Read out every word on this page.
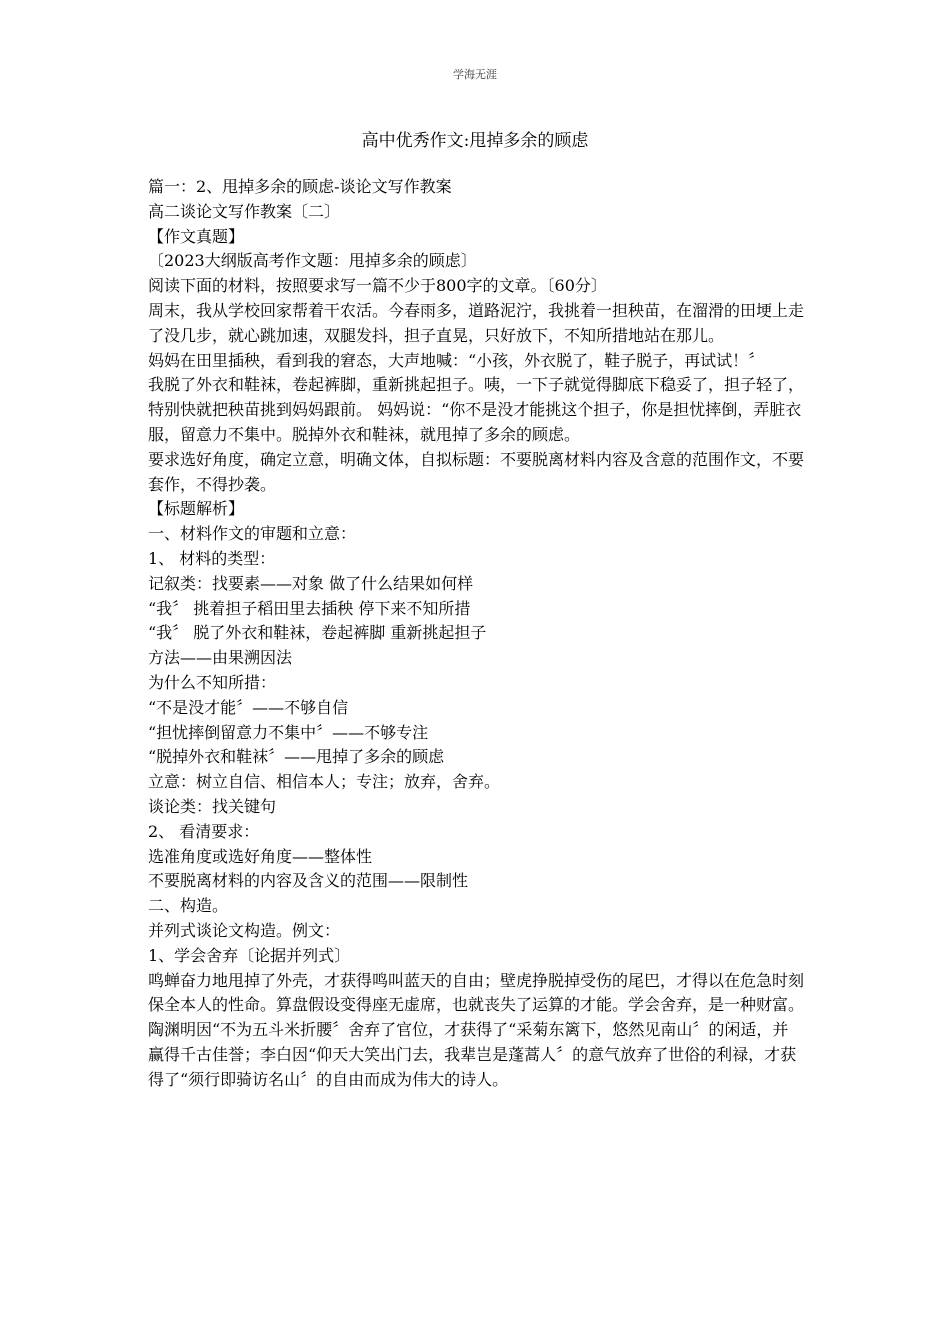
学海无涯
高中优秀作文:甩掉多余的顾虑

篇一：2、甩掉多余的顾虑-谈论文写作教案

高二谈论文写作教案〔二〕

【作文真题】

〔2023大纲版高考作文题：甩掉多余的顾虑〕

阅读下面的材料，按照要求写一篇不少于800字的文章。〔60分〕

周末，我从学校回家帮着干农活。今春雨多，道路泥泞，我挑着一担秧苗，在溜滑的田埂上走了没几步，就心跳加速，双腿发抖，担子直晃，只好放下，不知所措地站在那儿。

妈妈在田里插秧，看到我的窘态，大声地喊：“小孩，外衣脱了，鞋子脱子，再试试！〞

我脱了外衣和鞋袜，卷起裤脚，重新挑起担子。咦，一下子就觉得脚底下稳妥了，担子轻了，特别快就把秧苗挑到妈妈跟前。 妈妈说：“你不是没才能挑这个担子，你是担忧摔倒，弄脏衣服，留意力不集中。脱掉外衣和鞋袜，就甩掉了多余的顾虑。

要求选好角度，确定立意，明确文体，自拟标题：不要脱离材料内容及含意的范围作文，不要套作，不得抄袭。

【标题解析】

一、材料作文的审题和立意：

1、 材料的类型：

记叙类：找要素——对象 做了什么结果如何样

“我〞 挑着担子稻田里去插秧 停下来不知所措

“我〞 脱了外衣和鞋袜，卷起裤脚 重新挑起担子

方法——由果溯因法

为什么不知所措：

“不是没才能〞——不够自信

“担忧摔倒留意力不集中〞——不够专注

“脱掉外衣和鞋袜〞——甩掉了多余的顾虑

立意：树立自信、相信本人；专注；放弃，舍弃。

谈论类：找关键句

2、 看清要求：

选准角度或选好角度——整体性

不要脱离材料的内容及含义的范围——限制性

二、构造。

并列式谈论文构造。例文：

1、学会舍弃〔论据并列式〕

鸣蝉奋力地甩掉了外壳，才获得鸣叫蓝天的自由；壁虎挣脱掉受伤的尾巴，才得以在危急时刻保全本人的性命。算盘假设变得座无虚席，也就丧失了运算的才能。学会舍弃，是一种财富。陶渊明因“不为五斗米折腰〞舍弃了官位，才获得了“采菊东篱下，悠然见南山〞的闲适，并赢得千古佳誉；李白因“仰天大笑出门去，我辈岂是蓬蒿人〞的意气放弃了世俗的利禄，才获得了“须行即骑访名山〞的自由而成为伟大的诗人。
